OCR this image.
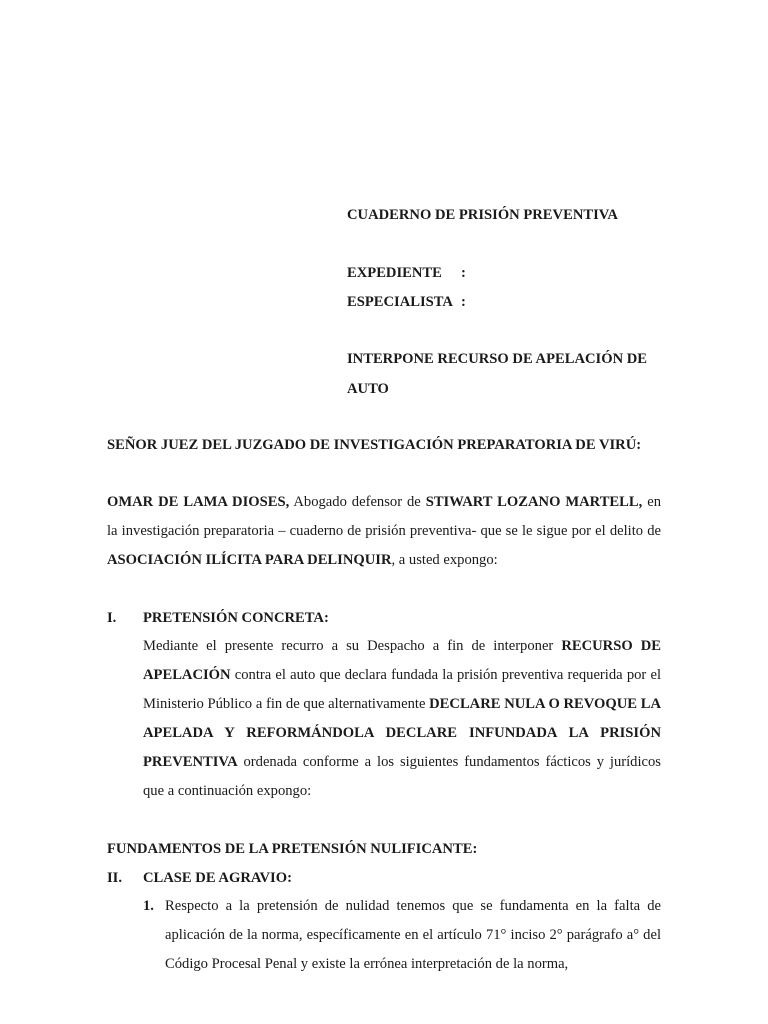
CUADERNO DE PRISIÓN PREVENTIVA
EXPEDIENTE :
ESPECIALISTA :
INTERPONE RECURSO DE APELACIÓN DE
AUTO
SEÑOR JUEZ DEL JUZGADO DE INVESTIGACIÓN PREPARATORIA DE VIRÚ:
OMAR DE LAMA DIOSES, Abogado defensor de STIWART LOZANO MARTELL, en la investigación preparatoria – cuaderno de prisión preventiva- que se le sigue por el delito de ASOCIACIÓN ILÍCITA PARA DELINQUIR, a usted expongo:
I. PRETENSIÓN CONCRETA:
Mediante el presente recurro a su Despacho a fin de interponer RECURSO DE APELACIÓN contra el auto que declara fundada la prisión preventiva requerida por el Ministerio Público a fin de que alternativamente DECLARE NULA O REVOQUE LA APELADA Y REFORMÁNDOLA DECLARE INFUNDADA LA PRISIÓN PREVENTIVA ordenada conforme a los siguientes fundamentos fácticos y jurídicos que a continuación expongo:
FUNDAMENTOS DE LA PRETENSIÓN NULIFICANTE:
II. CLASE DE AGRAVIO:
1. Respecto a la pretensión de nulidad tenemos que se fundamenta en la falta de aplicación de la norma, específicamente en el artículo 71° inciso 2° parágrafo a° del Código Procesal Penal y existe la errónea interpretación de la norma,
